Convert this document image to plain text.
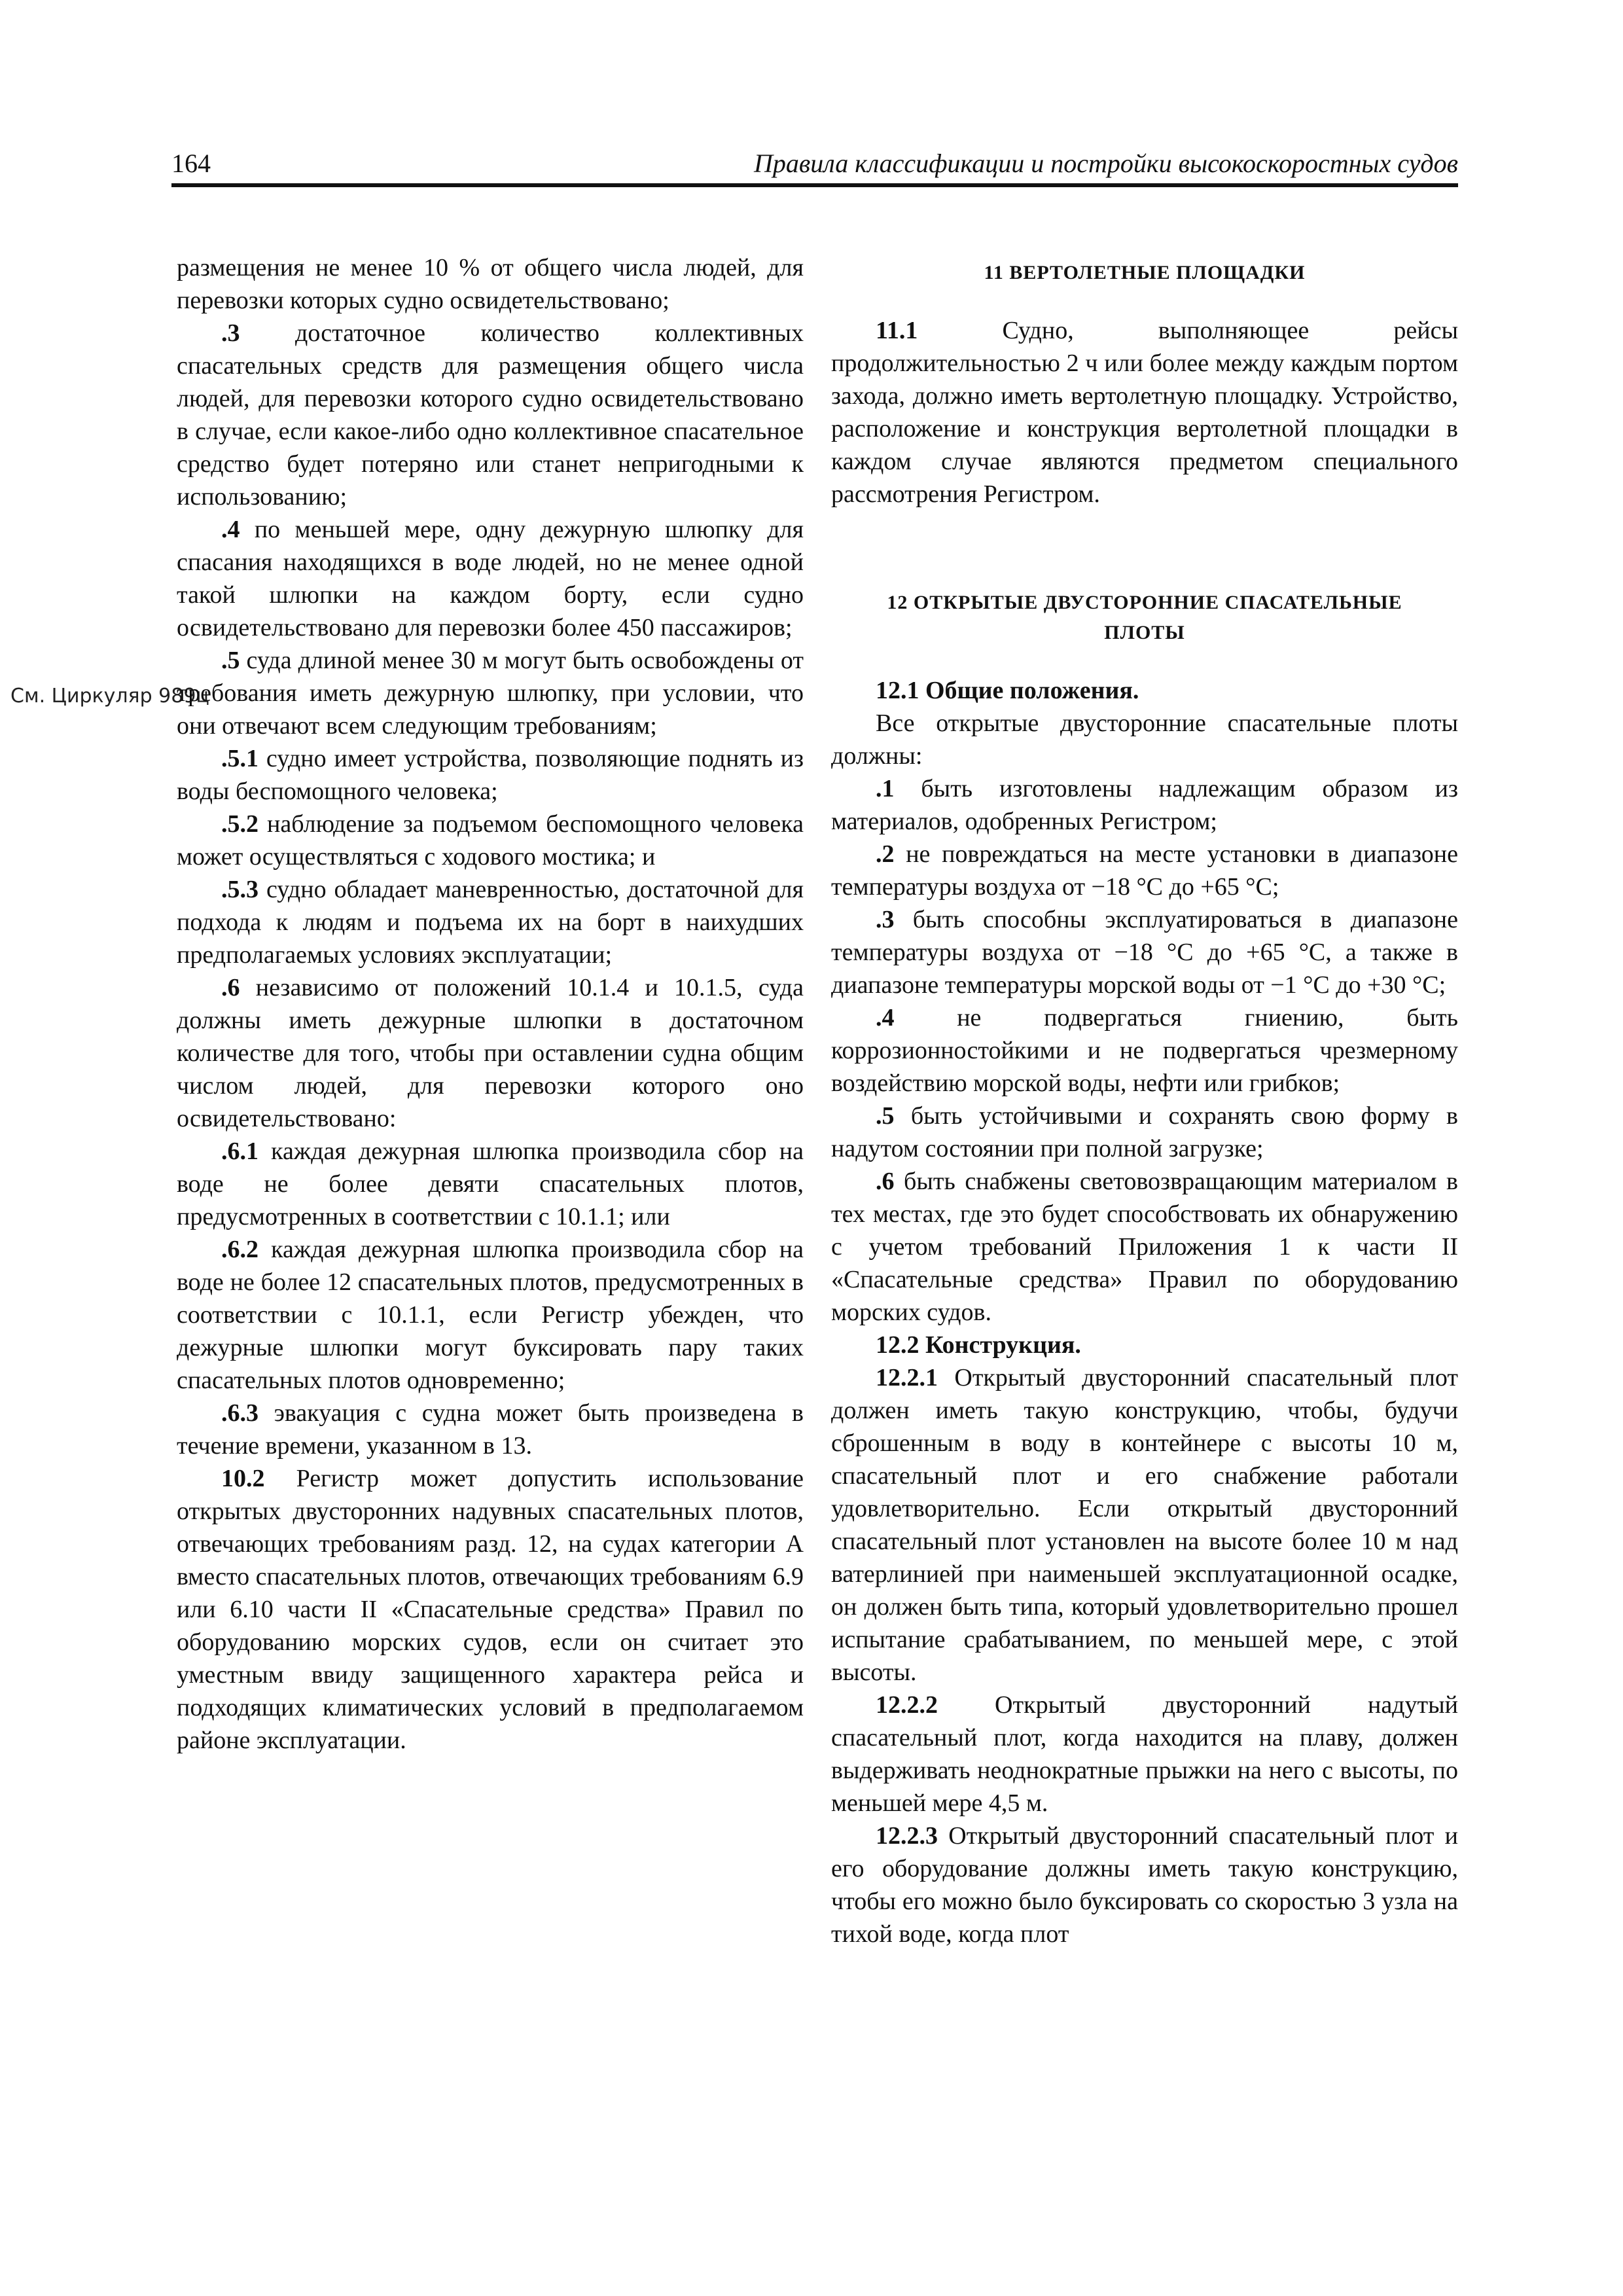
164	Правила классификации и постройки высокоскоростных судов
См. Циркуляр 989ц

размещения не менее 10 % от общего числа людей, для перевозки которых судно освидетельствовано;

.3 достаточное количество коллективных спасательных средств для размещения общего числа людей, для перевозки которого судно освидетельствовано в случае, если какое-либо одно коллективное спасательное средство будет потеряно или станет непригодными к использованию;

.4 по меньшей мере, одну дежурную шлюпку для спасания находящихся в воде людей, но не менее одной такой шлюпки на каждом борту, если судно освидетельствовано для перевозки более 450 пассажиров;

.5 суда длиной менее 30 м могут быть освобождены от требования иметь дежурную шлюпку, при условии, что они отвечают всем следующим требованиям;

.5.1 судно имеет устройства, позволяющие поднять из воды беспомощного человека;

.5.2 наблюдение за подъемом беспомощного человека может осуществляться с ходового мостика; и

.5.3 судно обладает маневренностью, достаточной для подхода к людям и подъема их на борт в наихудших предполагаемых условиях эксплуатации;

.6 независимо от положений 10.1.4 и 10.1.5, суда должны иметь дежурные шлюпки в достаточном количестве для того, чтобы при оставлении судна общим числом людей, для перевозки которого оно освидетельствовано:

.6.1 каждая дежурная шлюпка производила сбор на воде не более девяти спасательных плотов, предусмотренных в соответствии с 10.1.1; или

.6.2 каждая дежурная шлюпка производила сбор на воде не более 12 спасательных плотов, предусмотренных в соответствии с 10.1.1, если Регистр убежден, что дежурные шлюпки могут буксировать пару таких спасательных плотов одновременно;

.6.3 эвакуация с судна может быть произведена в течение времени, указанном в 13.

10.2 Регистр может допустить использование открытых двусторонних надувных спасательных плотов, отвечающих требованиям разд. 12, на судах категории А вместо спасательных плотов, отвечающих требованиям 6.9 или 6.10 части II «Спасательные средства» Правил по оборудованию морских судов, если он считает это уместным ввиду защищенного характера рейса и подходящих климатических условий в предполагаемом районе эксплуатации.

11 ВЕРТОЛЕТНЫЕ ПЛОЩАДКИ

11.1 Судно, выполняющее рейсы продолжительностью 2 ч или более между каждым портом захода, должно иметь вертолетную площадку. Устройство, расположение и конструкция вертолетной площадки в каждом случае являются предметом специального рассмотрения Регистром.

12 ОТКРЫТЫЕ ДВУСТОРОННИЕ СПАСАТЕЛЬНЫЕ
ПЛОТЫ

12.1 Общие положения.

Все открытые двусторонние спасательные плоты должны:

.1 быть изготовлены надлежащим образом из материалов, одобренных Регистром;

.2 не повреждаться на месте установки в диапазоне температуры воздуха от −18 °С до +65 °С;

.3 быть способны эксплуатироваться в диапазоне температуры воздуха от −18 °С до +65 °С, а также в диапазоне температуры морской воды от −1 °С до +30 °С;

.4 не подвергаться гниению, быть коррозионностойкими и не подвергаться чрезмерному воздействию морской воды, нефти или грибков;

.5 быть устойчивыми и сохранять свою форму в надутом состоянии при полной загрузке;

.6 быть снабжены световозвращающим материалом в тех местах, где это будет способствовать их обнаружению с учетом требований Приложения 1 к части II «Спасательные средства» Правил по оборудованию морских судов.

12.2 Конструкция.

12.2.1 Открытый двусторонний спасательный плот должен иметь такую конструкцию, чтобы, будучи сброшенным в воду в контейнере с высоты 10 м, спасательный плот и его снабжение работали удовлетворительно. Если открытый двусторонний спасательный плот установлен на высоте более 10 м над ватерлинией при наименьшей эксплуатационной осадке, он должен быть типа, который удовлетворительно прошел испытание срабатыванием, по меньшей мере, с этой высоты.

12.2.2 Открытый двусторонний надутый спасательный плот, когда находится на плаву, должен выдерживать неоднократные прыжки на него с высоты, по меньшей мере 4,5 м.

12.2.3 Открытый двусторонний спасательный плот и его оборудование должны иметь такую конструкцию, чтобы его можно было буксировать со скоростью 3 узла на тихой воде, когда плот
